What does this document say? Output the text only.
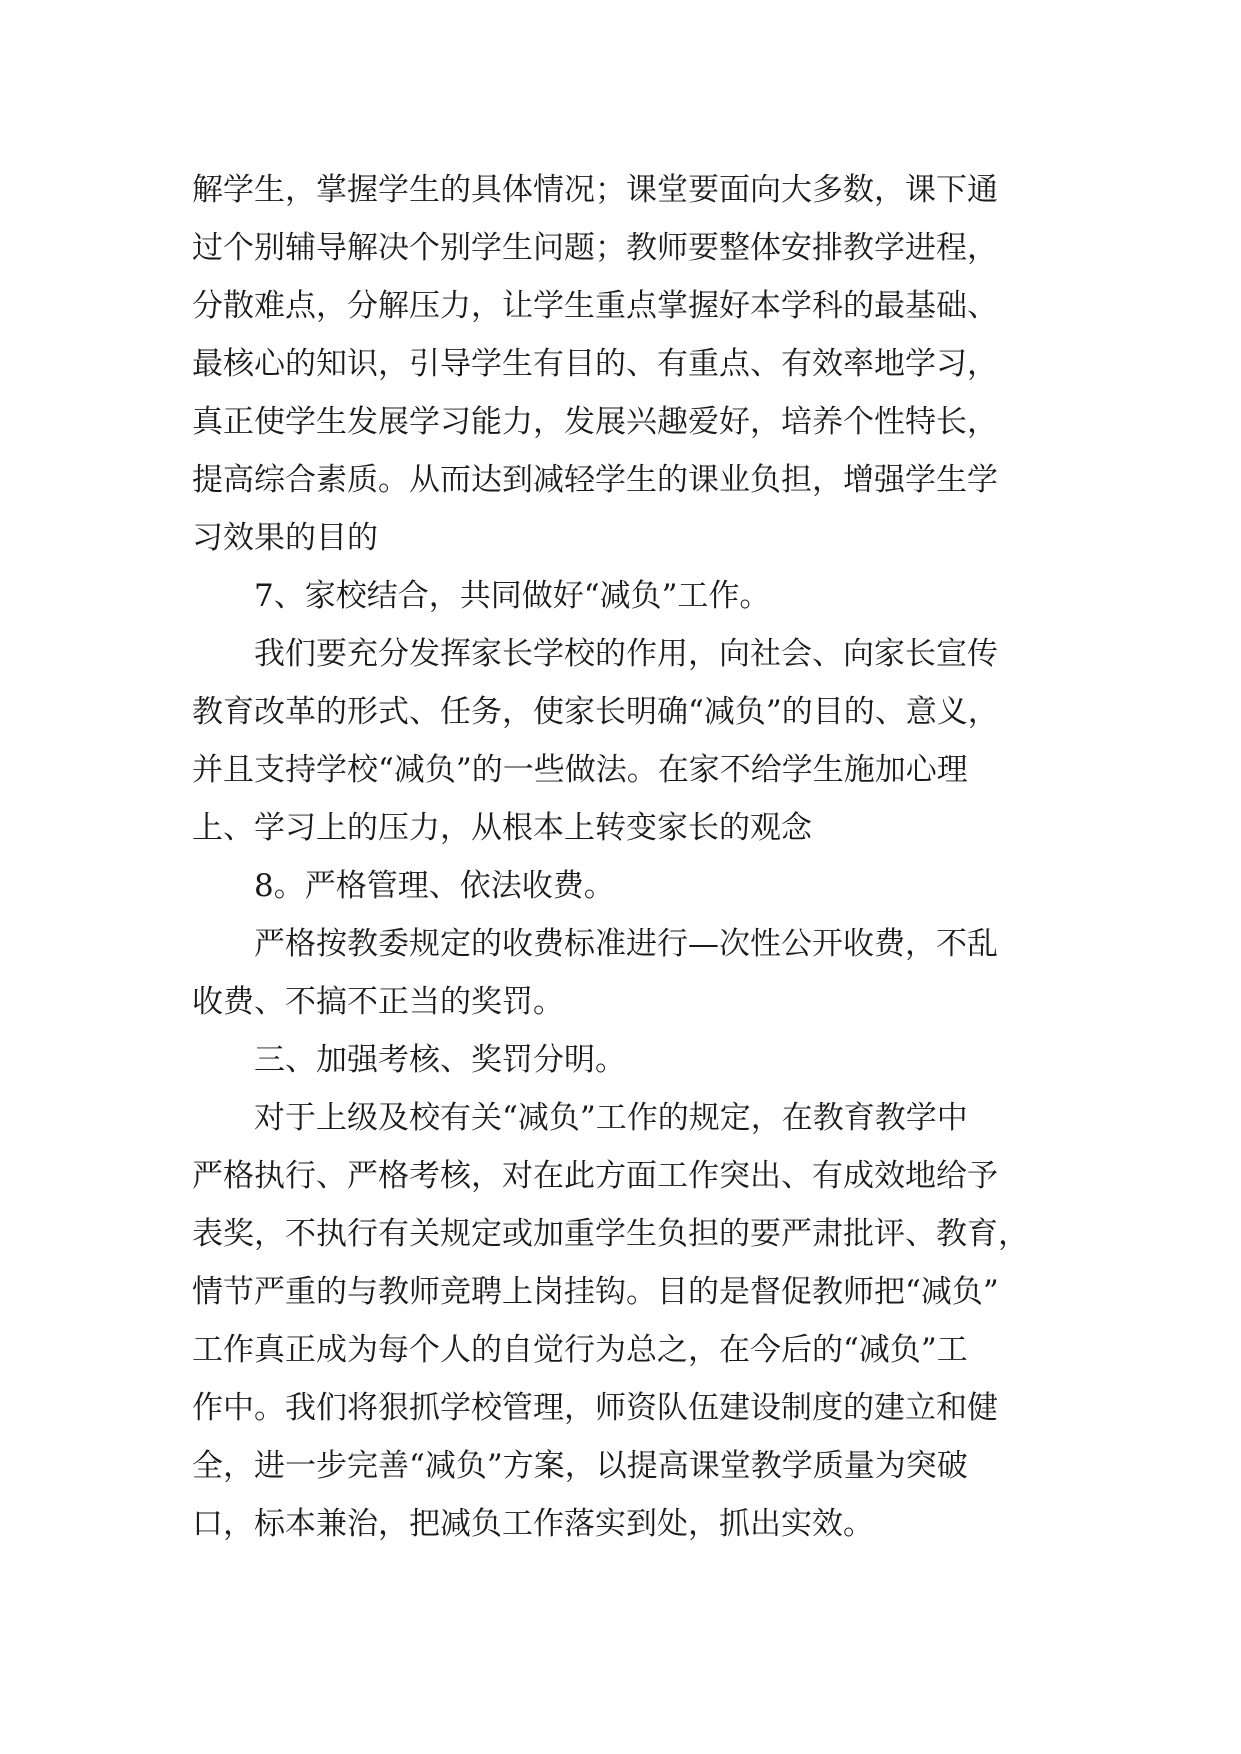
解学生，掌握学生的具体情况；课堂要面向大多数，课下通
过个别辅导解决个别学生问题；教师要整体安排教学进程，
分散难点，分解压力，让学生重点掌握好本学科的最基础、
最核心的知识，引导学生有目的、有重点、有效率地学习，
真正使学生发展学习能力，发展兴趣爱好，培养个性特长，
提高综合素质。从而达到减轻学生的课业负担，增强学生学
习效果的目的
7、家校结合，共同做好“减负”工作。
我们要充分发挥家长学校的作用，向社会、向家长宣传
教育改革的形式、任务，使家长明确“减负”的目的、意义，
并且支持学校“减负”的一些做法。在家不给学生施加心理
上、学习上的压力，从根本上转变家长的观念
8。严格管理、依法收费。
严格按教委规定的收费标准进行—次性公开收费，不乱
收费、不搞不正当的奖罚。
三、加强考核、奖罚分明。
对于上级及校有关“减负”工作的规定，在教育教学中
严格执行、严格考核，对在此方面工作突出、有成效地给予
表奖，不执行有关规定或加重学生负担的要严肃批评、教育，
情节严重的与教师竞聘上岗挂钩。目的是督促教师把“减负”
工作真正成为每个人的自觉行为总之，在今后的“减负”工
作中。我们将狠抓学校管理，师资队伍建设制度的建立和健
全，进一步完善“减负”方案，以提高课堂教学质量为突破
口，标本兼治，把减负工作落实到处，抓出实效。
